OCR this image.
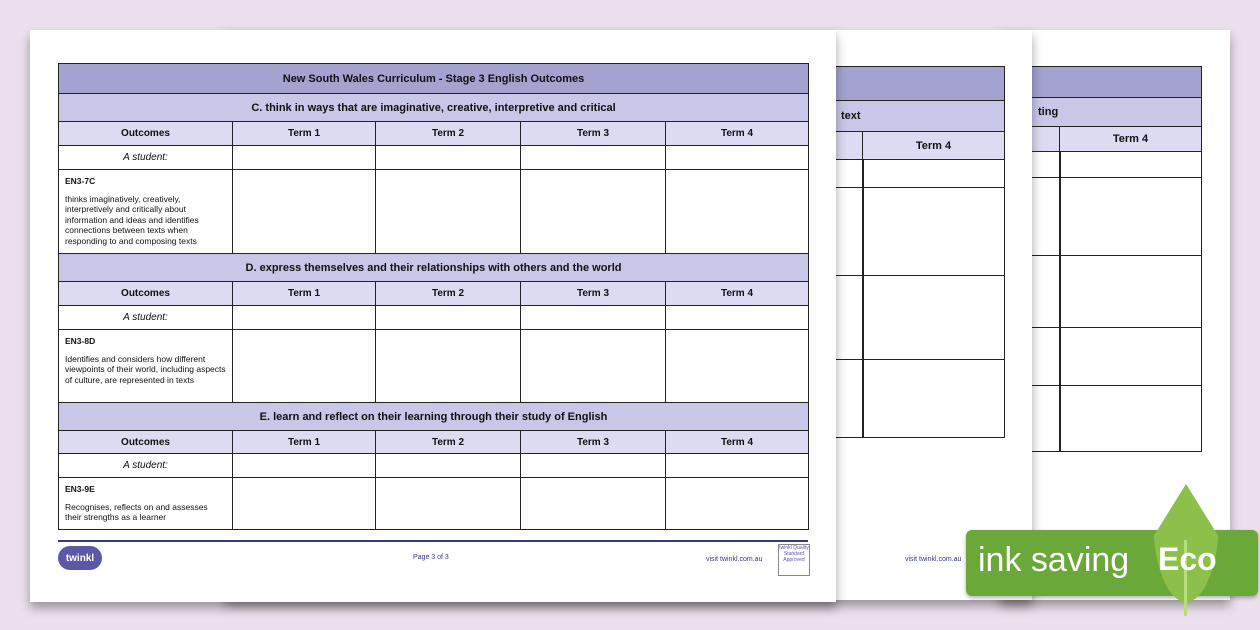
ting
Term 4
text
Term 4
visit twinkl.com.au
New South Wales Curriculum - Stage 3 English Outcomes				
C. think in ways that are imaginative, creative, interpretive and critical				
Outcomes	Term 1	Term 2	Term 3	Term 4
A student:				

EN3-7C
thinks imaginatively, creatively, interpretively and critically about information and ideas and identifies connections between texts when responding to and composing texts				
D. express themselves and their relationships with others and the world				
Outcomes	Term 1	Term 2	Term 3	Term 4
A student:				

EN3-8D
Identifies and considers how different viewpoints of their world, including aspects of culture, are represented in texts				
E. learn and reflect on their learning through their study of English				
Outcomes	Term 1	Term 2	Term 3	Term 4
A student:				

EN3-9E
Recognises, reflects on and assesses their strengths as a learner				
twinkl	Page 3 of 3	visit twinkl.com.au
twinkl Quality Standard Approved	ink saving Eco
